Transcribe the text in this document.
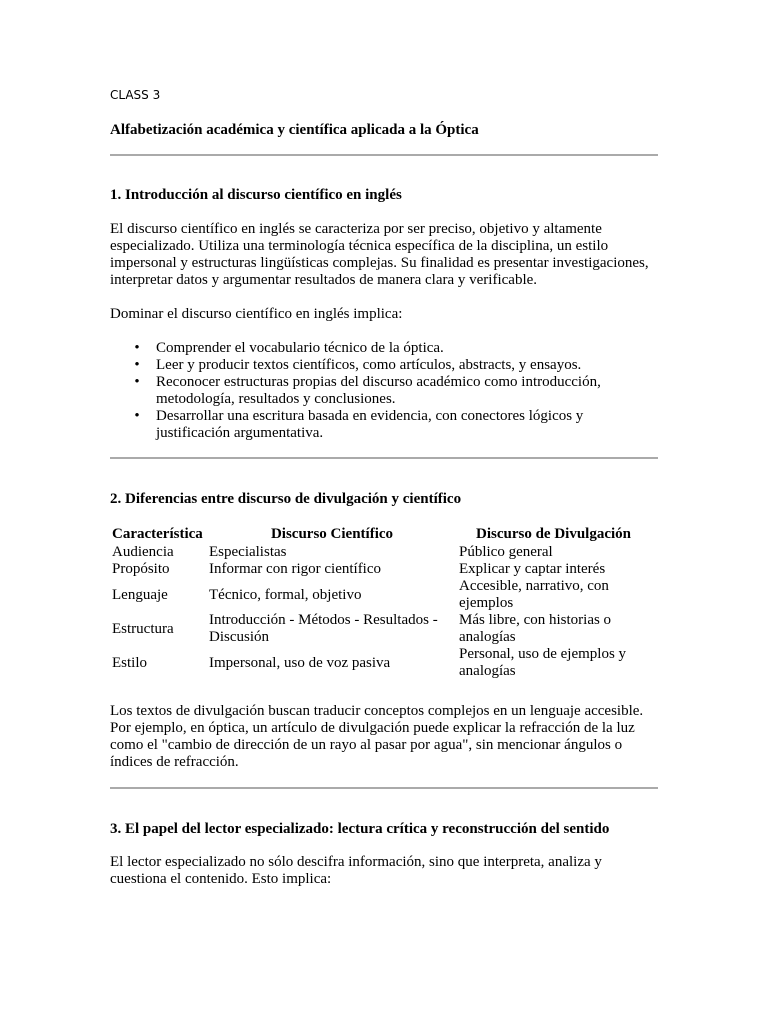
CLASS 3
Alfabetización académica y científica aplicada a la Óptica
1. Introducción al discurso científico en inglés

El discurso científico en inglés se caracteriza por ser preciso, objetivo y altamente especializado. Utiliza una terminología técnica específica de la disciplina, un estilo impersonal y estructuras lingüísticas complejas. Su finalidad es presentar investigaciones, interpretar datos y argumentar resultados de manera clara y verificable.

Dominar el discurso científico en inglés implica:

• Comprender el vocabulario técnico de la óptica.
• Leer y producir textos científicos, como artículos, abstracts, y ensayos.
• Reconocer estructuras propias del discurso académico como introducción, metodología, resultados y conclusiones.
• Desarrollar una escritura basada en evidencia, con conectores lógicos y justificación argumentativa.
2. Diferencias entre discurso de divulgación y científico
Característica	Discurso Científico	Discurso de Divulgación
Audiencia	Especialistas	Público general
Propósito	Informar con rigor científico	Explicar y captar interés
Lenguaje	Técnico, formal, objetivo	Accesible, narrativo, con ejemplos
Estructura	Introducción - Métodos - Resultados - Discusión	Más libre, con historias o analogías
Estilo	Impersonal, uso de voz pasiva	Personal, uso de ejemplos y analogías

Los textos de divulgación buscan traducir conceptos complejos en un lenguaje accesible. Por ejemplo, en óptica, un artículo de divulgación puede explicar la refracción de la luz como el "cambio de dirección de un rayo al pasar por agua", sin mencionar ángulos o índices de refracción.

3. El papel del lector especializado: lectura crítica y reconstrucción del sentido

El lector especializado no sólo descifra información, sino que interpreta, analiza y cuestiona el contenido. Esto implica:
